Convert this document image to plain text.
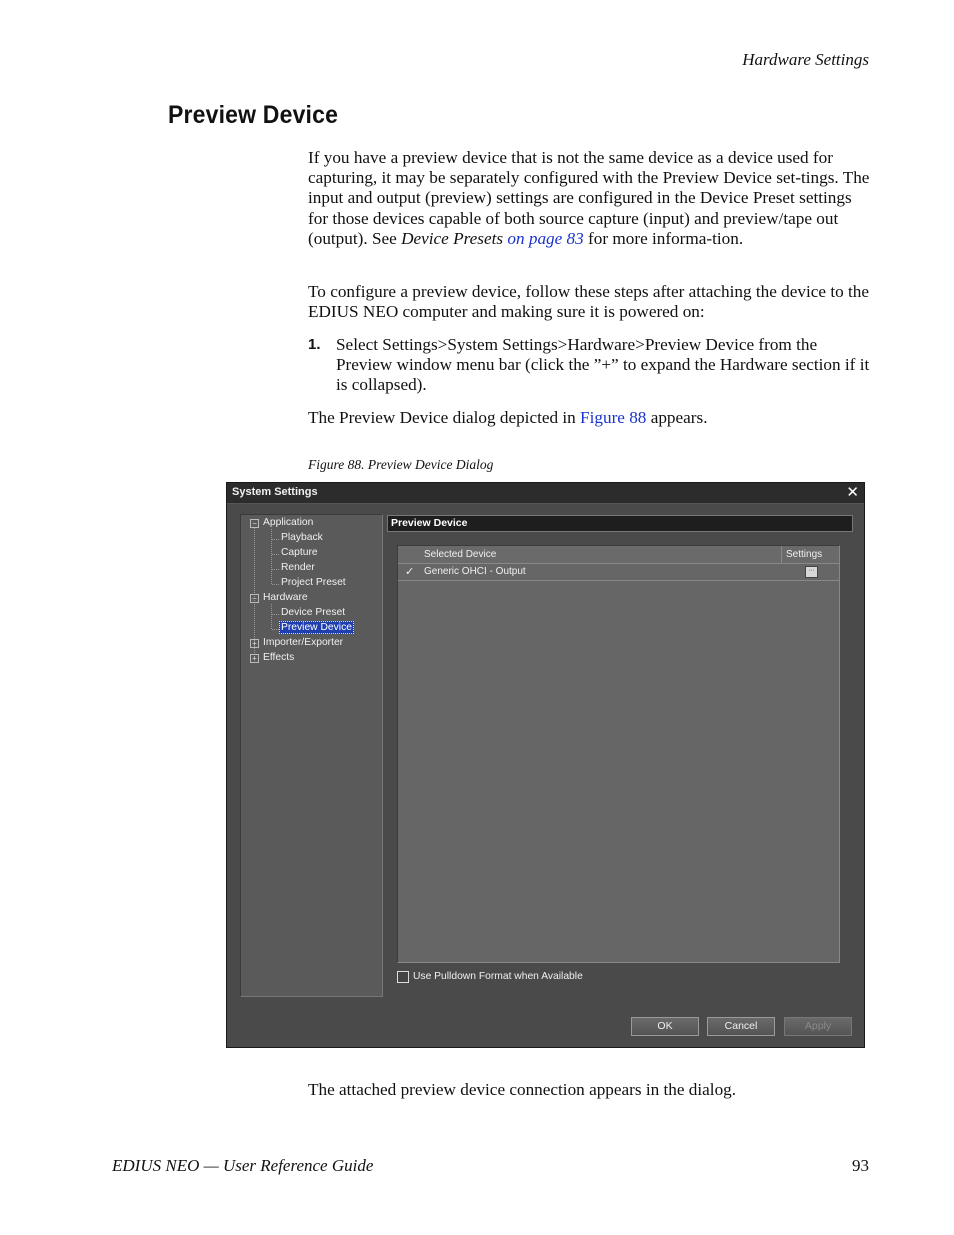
Hardware Settings
Preview Device
If you have a preview device that is not the same device as a device used for capturing, it may be separately configured with the Preview Device set-tings. The input and output (preview) settings are configured in the Device Preset settings for those devices capable of both source capture (input) and preview/tape out (output). See Device Presets on page 83 for more informa-tion.
To configure a preview device, follow these steps after attaching the device to the EDIUS NEO computer and making sure it is powered on:
1. Select Settings>System Settings>Hardware>Preview Device from the Preview window menu bar (click the ”+” to expand the Hardware section if it is collapsed).
The Preview Device dialog depicted in Figure 88 appears.
Figure 88. Preview Device Dialog
System Settings	✕
− Application
Playback
Capture
Render
Project Preset
− Hardware
Device Preset
Preview Device
+ Importer/Exporter
+ Effects
Preview Device
Selected Device	Settings
✓ Generic OHCI - Output	⋯
Use Pulldown Format when Available
OK	Cancel	Apply
The attached preview device connection appears in the dialog.
EDIUS NEO — User Reference Guide	93
